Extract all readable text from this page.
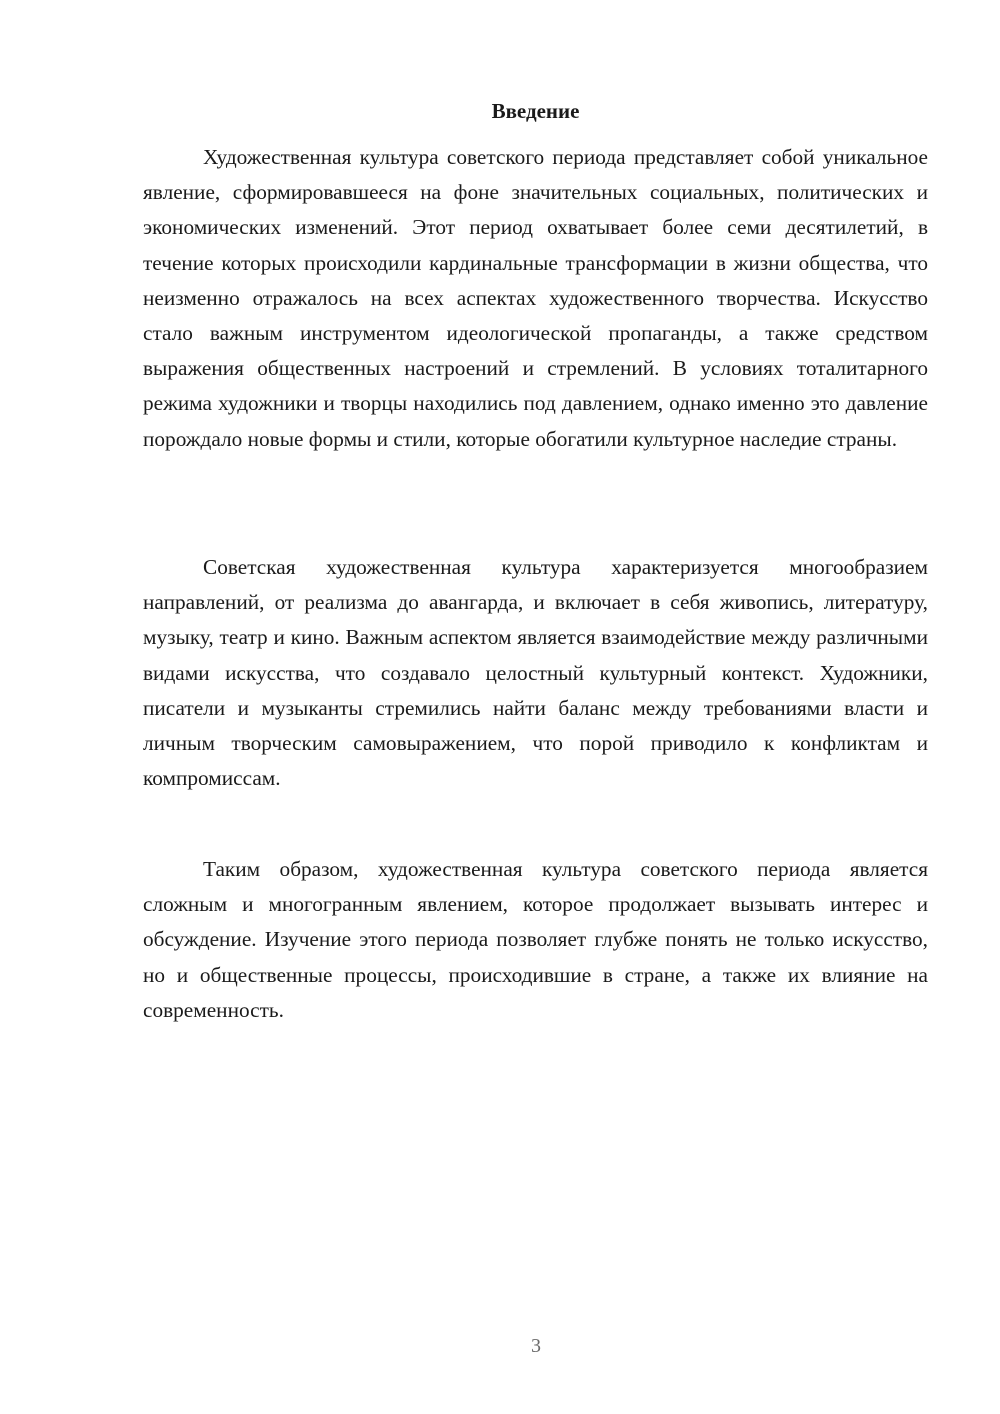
Введение

Художественная культура советского периода представляет собой уникальное явление, сформировавшееся на фоне значительных социальных, политических и экономических изменений. Этот период охватывает более семи десятилетий, в течение которых происходили кардинальные трансформации в жизни общества, что неизменно отражалось на всех аспектах художественного творчества. Искусство стало важным инструментом идеологической пропаганды, а также средством выражения общественных настроений и стремлений. В условиях тоталитарного режима художники и творцы находились под давлением, однако именно это давление порождало новые формы и стили, которые обогатили культурное наследие страны.

Советская художественная культура характеризуется многообразием направлений, от реализма до авангарда, и включает в себя живопись, литературу, музыку, театр и кино. Важным аспектом является взаимодействие между различными видами искусства, что создавало целостный культурный контекст. Художники, писатели и музыканты стремились найти баланс между требованиями власти и личным творческим самовыражением, что порой приводило к конфликтам и компромиссам.

Таким образом, художественная культура советского периода является сложным и многогранным явлением, которое продолжает вызывать интерес и обсуждение. Изучение этого периода позволяет глубже понять не только искусство, но и общественные процессы, происходившие в стране, а также их влияние на современность.

3
